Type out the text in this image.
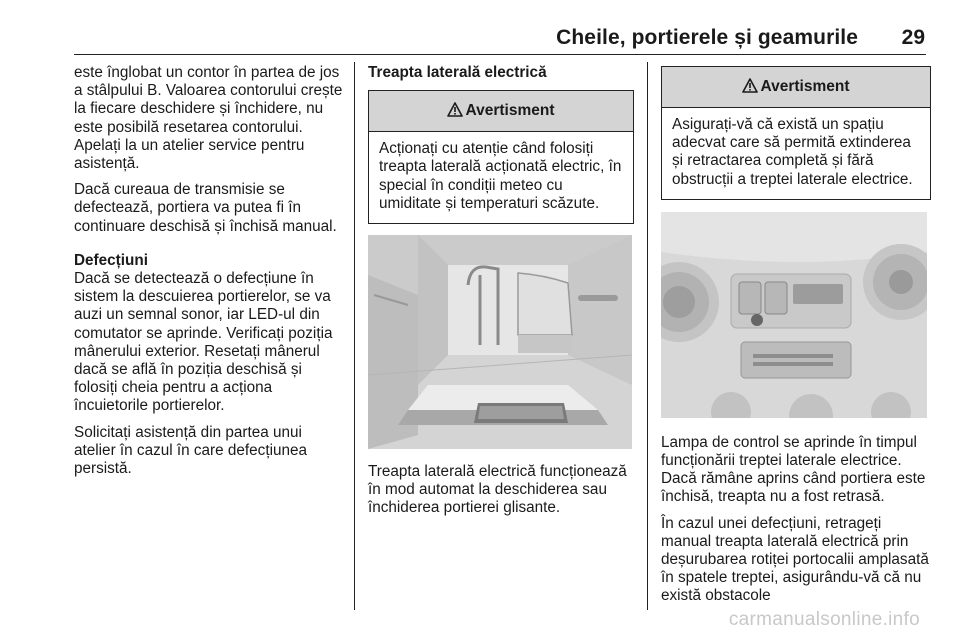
Cheile, portierele și geamurile 29

este înglobat un contor în partea de jos a stâlpului B. Valoarea contorului crește la fiecare deschidere și închidere, nu este posibilă resetarea contorului. Apelați la un atelier service pentru asistență.

Dacă cureaua de transmisie se defectează, portiera va putea fi în continuare deschisă și închisă manual.

Defecțiuni

Dacă se detectează o defecțiune în sistem la descuierea portierelor, se va auzi un semnal sonor, iar LED-ul din comutator se aprinde. Verificați poziția mânerului exterior. Resetați mânerul dacă se află în poziția deschisă și folosiți cheia pentru a acționa încuietorile portierelor.

Solicitați asistență din partea unui atelier în cazul în care defecțiunea persistă.

Treapta laterală electrică
Avertisment
Acționați cu atenție când folosiți treapta laterală acționată electric, în special în condiții meteo cu umiditate și temperaturi scăzute.

Treapta laterală electrică funcționează în mod automat la deschiderea sau închiderea portierei glisante.

Avertisment
Asigurați-vă că există un spațiu adecvat care să permită extinderea și retractarea completă și fără obstrucții a treptei laterale electrice.

Lampa de control se aprinde în timpul funcționării treptei laterale electrice. Dacă rămâne aprins când portiera este închisă, treapta nu a fost retrasă.

În cazul unei defecțiuni, retrageți manual treapta laterală electrică prin deșurubarea rotiței portocalii amplasată în spatele treptei, asigurându-vă că nu există obstacole

carmanualsonline.info
